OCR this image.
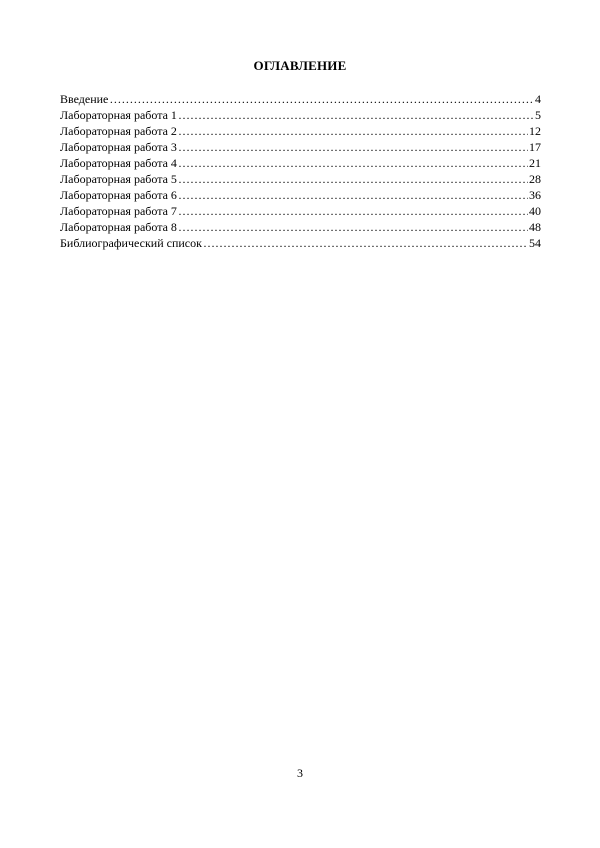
ОГЛАВЛЕНИЕ
Введение …………………………………………………………………………………………………………………………………	4
Лабораторная работа 1 …………………………………………………………………………………………………………………………………	5
Лабораторная работа 2 …………………………………………………………………………………………………………………………………	12
Лабораторная работа 3 …………………………………………………………………………………………………………………………………	17
Лабораторная работа 4 …………………………………………………………………………………………………………………………………	21
Лабораторная работа 5 …………………………………………………………………………………………………………………………………	28
Лабораторная работа 6 …………………………………………………………………………………………………………………………………	36
Лабораторная работа 7 …………………………………………………………………………………………………………………………………	40
Лабораторная работа 8 …………………………………………………………………………………………………………………………………	48
Библиографический список …………………………………………………………………………………………………………………………………	54
3
